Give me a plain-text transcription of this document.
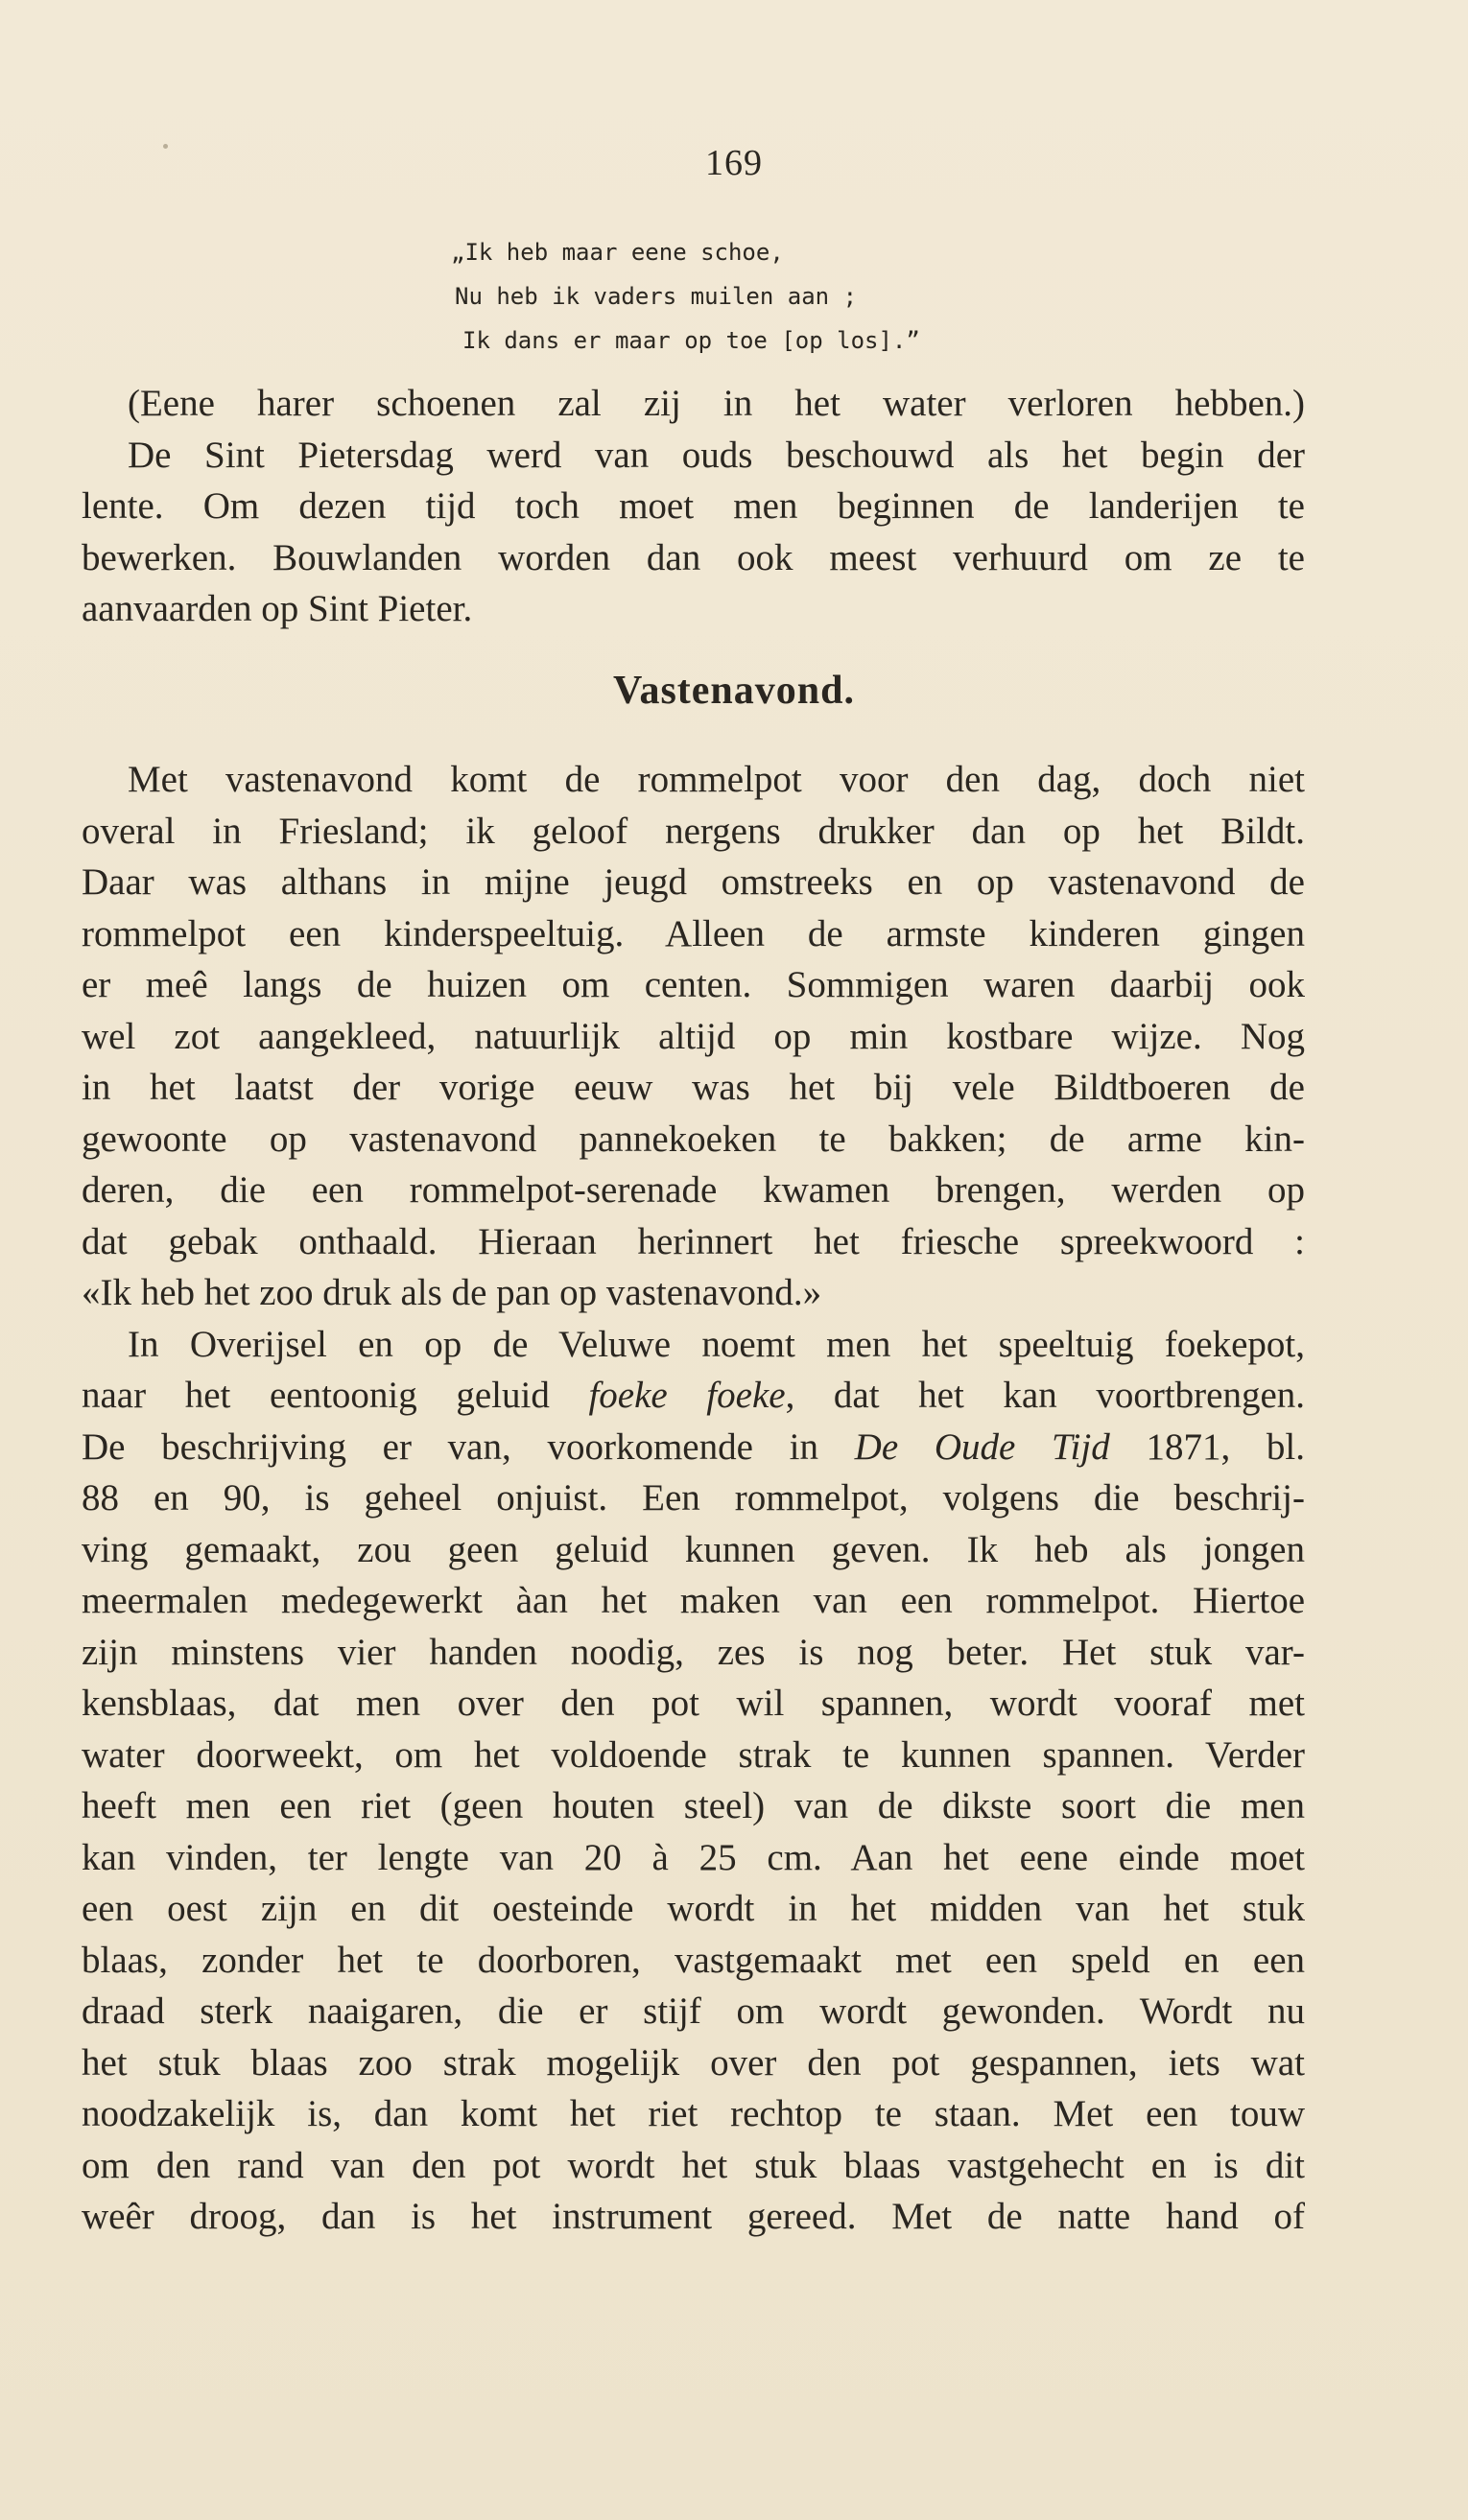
169
„Ik heb maar eene schoe,
Nu heb ik vaders muilen aan ;
Ik dans er maar op toe [op los].”
(Eene harer schoenen zal zij in het water verloren hebben.)
De Sint Pietersdag werd van ouds beschouwd als het begin der
lente. Om dezen tijd toch moet men beginnen de landerijen te
bewerken. Bouwlanden worden dan ook meest verhuurd om ze te
aanvaarden op Sint Pieter.
Vastenavond.
Met vastenavond komt de rommelpot voor den dag, doch niet
overal in Friesland; ik geloof nergens drukker dan op het Bildt.
Daar was althans in mijne jeugd omstreeks en op vastenavond de
rommelpot een kinderspeeltuig. Alleen de armste kinderen gingen
er meê langs de huizen om centen. Sommigen waren daarbij ook
wel zot aangekleed, natuurlijk altijd op min kostbare wijze. Nog
in het laatst der vorige eeuw was het bij vele Bildtboeren de
gewoonte op vastenavond pannekoeken te bakken; de arme kin-
deren, die een rommelpot-serenade kwamen brengen, werden op
dat gebak onthaald. Hieraan herinnert het friesche spreekwoord :
«Ik heb het zoo druk als de pan op vastenavond.»
In Overijsel en op de Veluwe noemt men het speeltuig foekepot,
naar het eentoonig geluid foeke foeke, dat het kan voortbrengen.
De beschrijving er van, voorkomende in De Oude Tijd 1871, bl.
88 en 90, is geheel onjuist. Een rommelpot, volgens die beschrij-
ving gemaakt, zou geen geluid kunnen geven. Ik heb als jongen
meermalen medegewerkt àan het maken van een rommelpot. Hiertoe
zijn minstens vier handen noodig, zes is nog beter. Het stuk var-
kensblaas, dat men over den pot wil spannen, wordt vooraf met
water doorweekt, om het voldoende strak te kunnen spannen. Verder
heeft men een riet (geen houten steel) van de dikste soort die men
kan vinden, ter lengte van 20 à 25 cm. Aan het eene einde moet
een oest zijn en dit oesteinde wordt in het midden van het stuk
blaas, zonder het te doorboren, vastgemaakt met een speld en een
draad sterk naaigaren, die er stijf om wordt gewonden. Wordt nu
het stuk blaas zoo strak mogelijk over den pot gespannen, iets wat
noodzakelijk is, dan komt het riet rechtop te staan. Met een touw
om den rand van den pot wordt het stuk blaas vastgehecht en is dit
weêr droog, dan is het instrument gereed. Met de natte hand of
